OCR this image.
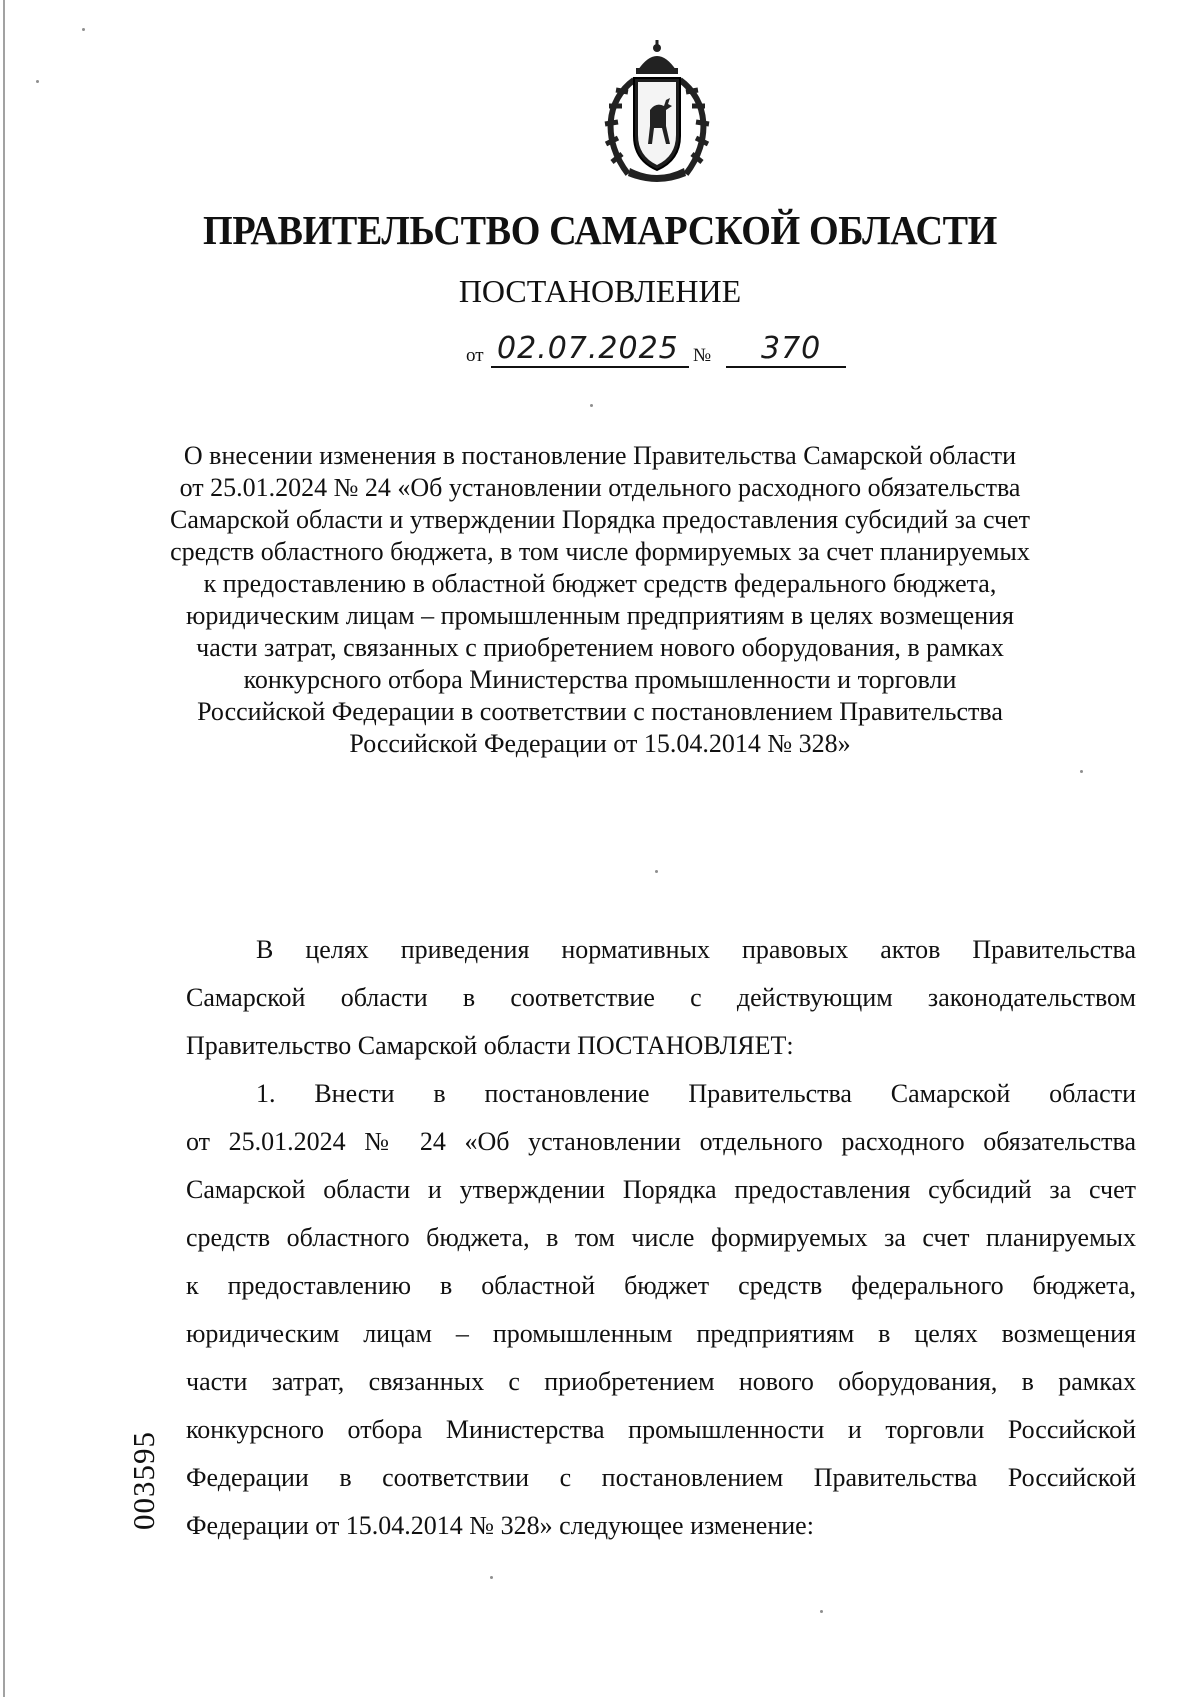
ПРАВИТЕЛЬСТВО САМАРСКОЙ ОБЛАСТИ
ПОСТАНОВЛЕНИЕ
от 02.07.2025 № 370
О внесении изменения в постановление Правительства Самарской области
от 25.01.2024 № 24 «Об установлении отдельного расходного обязательства
Самарской области и утверждении Порядка предоставления субсидий за счет
средств областного бюджета, в том числе формируемых за счет планируемых
к предоставлению в областной бюджет средств федерального бюджета,
юридическим лицам – промышленным предприятиям в целях возмещения
части затрат, связанных с приобретением нового оборудования, в рамках
конкурсного отбора Министерства промышленности и торговли
Российской Федерации в соответствии с постановлением Правительства
Российской Федерации от 15.04.2014 № 328»
В целях приведения нормативных правовых актов Правительства
Самарской области в соответствие с действующим законодательством
Правительство Самарской области ПОСТАНОВЛЯЕТ:
1. Внести в постановление Правительства Самарской области
от 25.01.2024 № 24 «Об установлении отдельного расходного обязательства
Самарской области и утверждении Порядка предоставления субсидий за счет
средств областного бюджета, в том числе формируемых за счет планируемых
к предоставлению в областной бюджет средств федерального бюджета,
юридическим лицам – промышленным предприятиям в целях возмещения
части затрат, связанных с приобретением нового оборудования, в рамках
конкурсного отбора Министерства промышленности и торговли Российской
Федерации в соответствии с постановлением Правительства Российской
Федерации от 15.04.2014 № 328» следующее изменение:
003595
